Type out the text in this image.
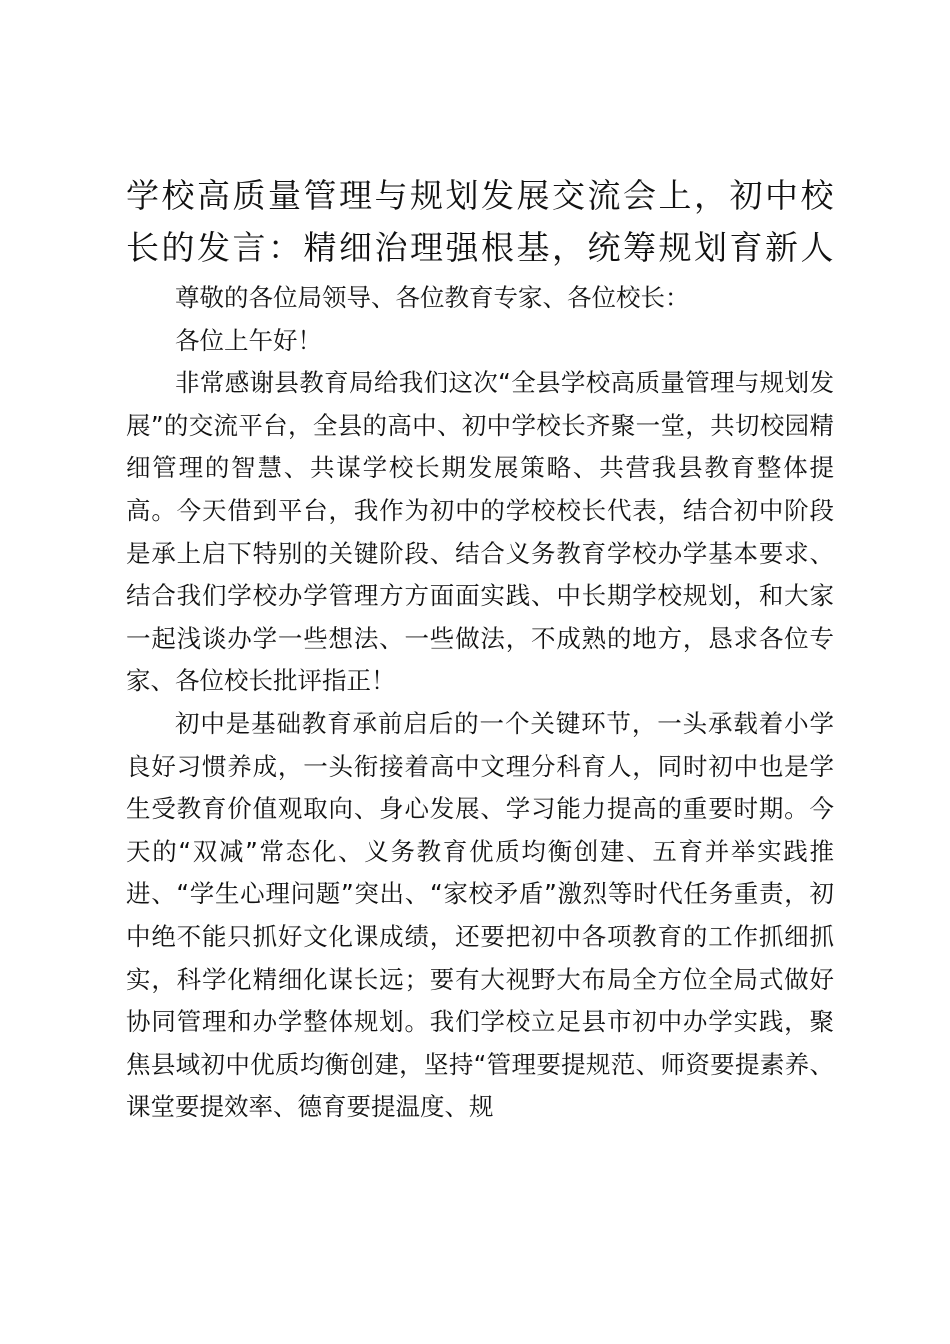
学校高质量管理与规划发展交流会上，初中校
长的发言：精细治理强根基，统筹规划育新人

尊敬的各位局领导、各位教育专家、各位校长：

各位上午好！

非常感谢县教育局给我们这次“全县学校高质量管理与规划发展”的交流平台，全县的高中、初中学校长齐聚一堂，共切校园精细管理的智慧、共谋学校长期发展策略、共营我县教育整体提高。今天借到平台，我作为初中的学校校长代表，结合初中阶段是承上启下特别的关键阶段、结合义务教育学校办学基本要求、结合我们学校办学管理方方面面实践、中长期学校规划，和大家一起浅谈办学一些想法、一些做法，不成熟的地方，恳求各位专家、各位校长批评指正！

初中是基础教育承前启后的一个关键环节，一头承载着小学良好习惯养成，一头衔接着高中文理分科育人，同时初中也是学生受教育价值观取向、身心发展、学习能力提高的重要时期。今天的“双减”常态化、义务教育优质均衡创建、五育并举实践推进、“学生心理问题”突出、“家校矛盾”激烈等时代任务重责，初中绝不能只抓好文化课成绩，还要把初中各项教育的工作抓细抓实，科学化精细化谋长远；要有大视野大布局全方位全局式做好协同管理和办学整体规划。我们学校立足县市初中办学实践，聚焦县域初中优质均衡创建，坚持“管理要提规范、师资要提素养、课堂要提效率、德育要提温度、规
